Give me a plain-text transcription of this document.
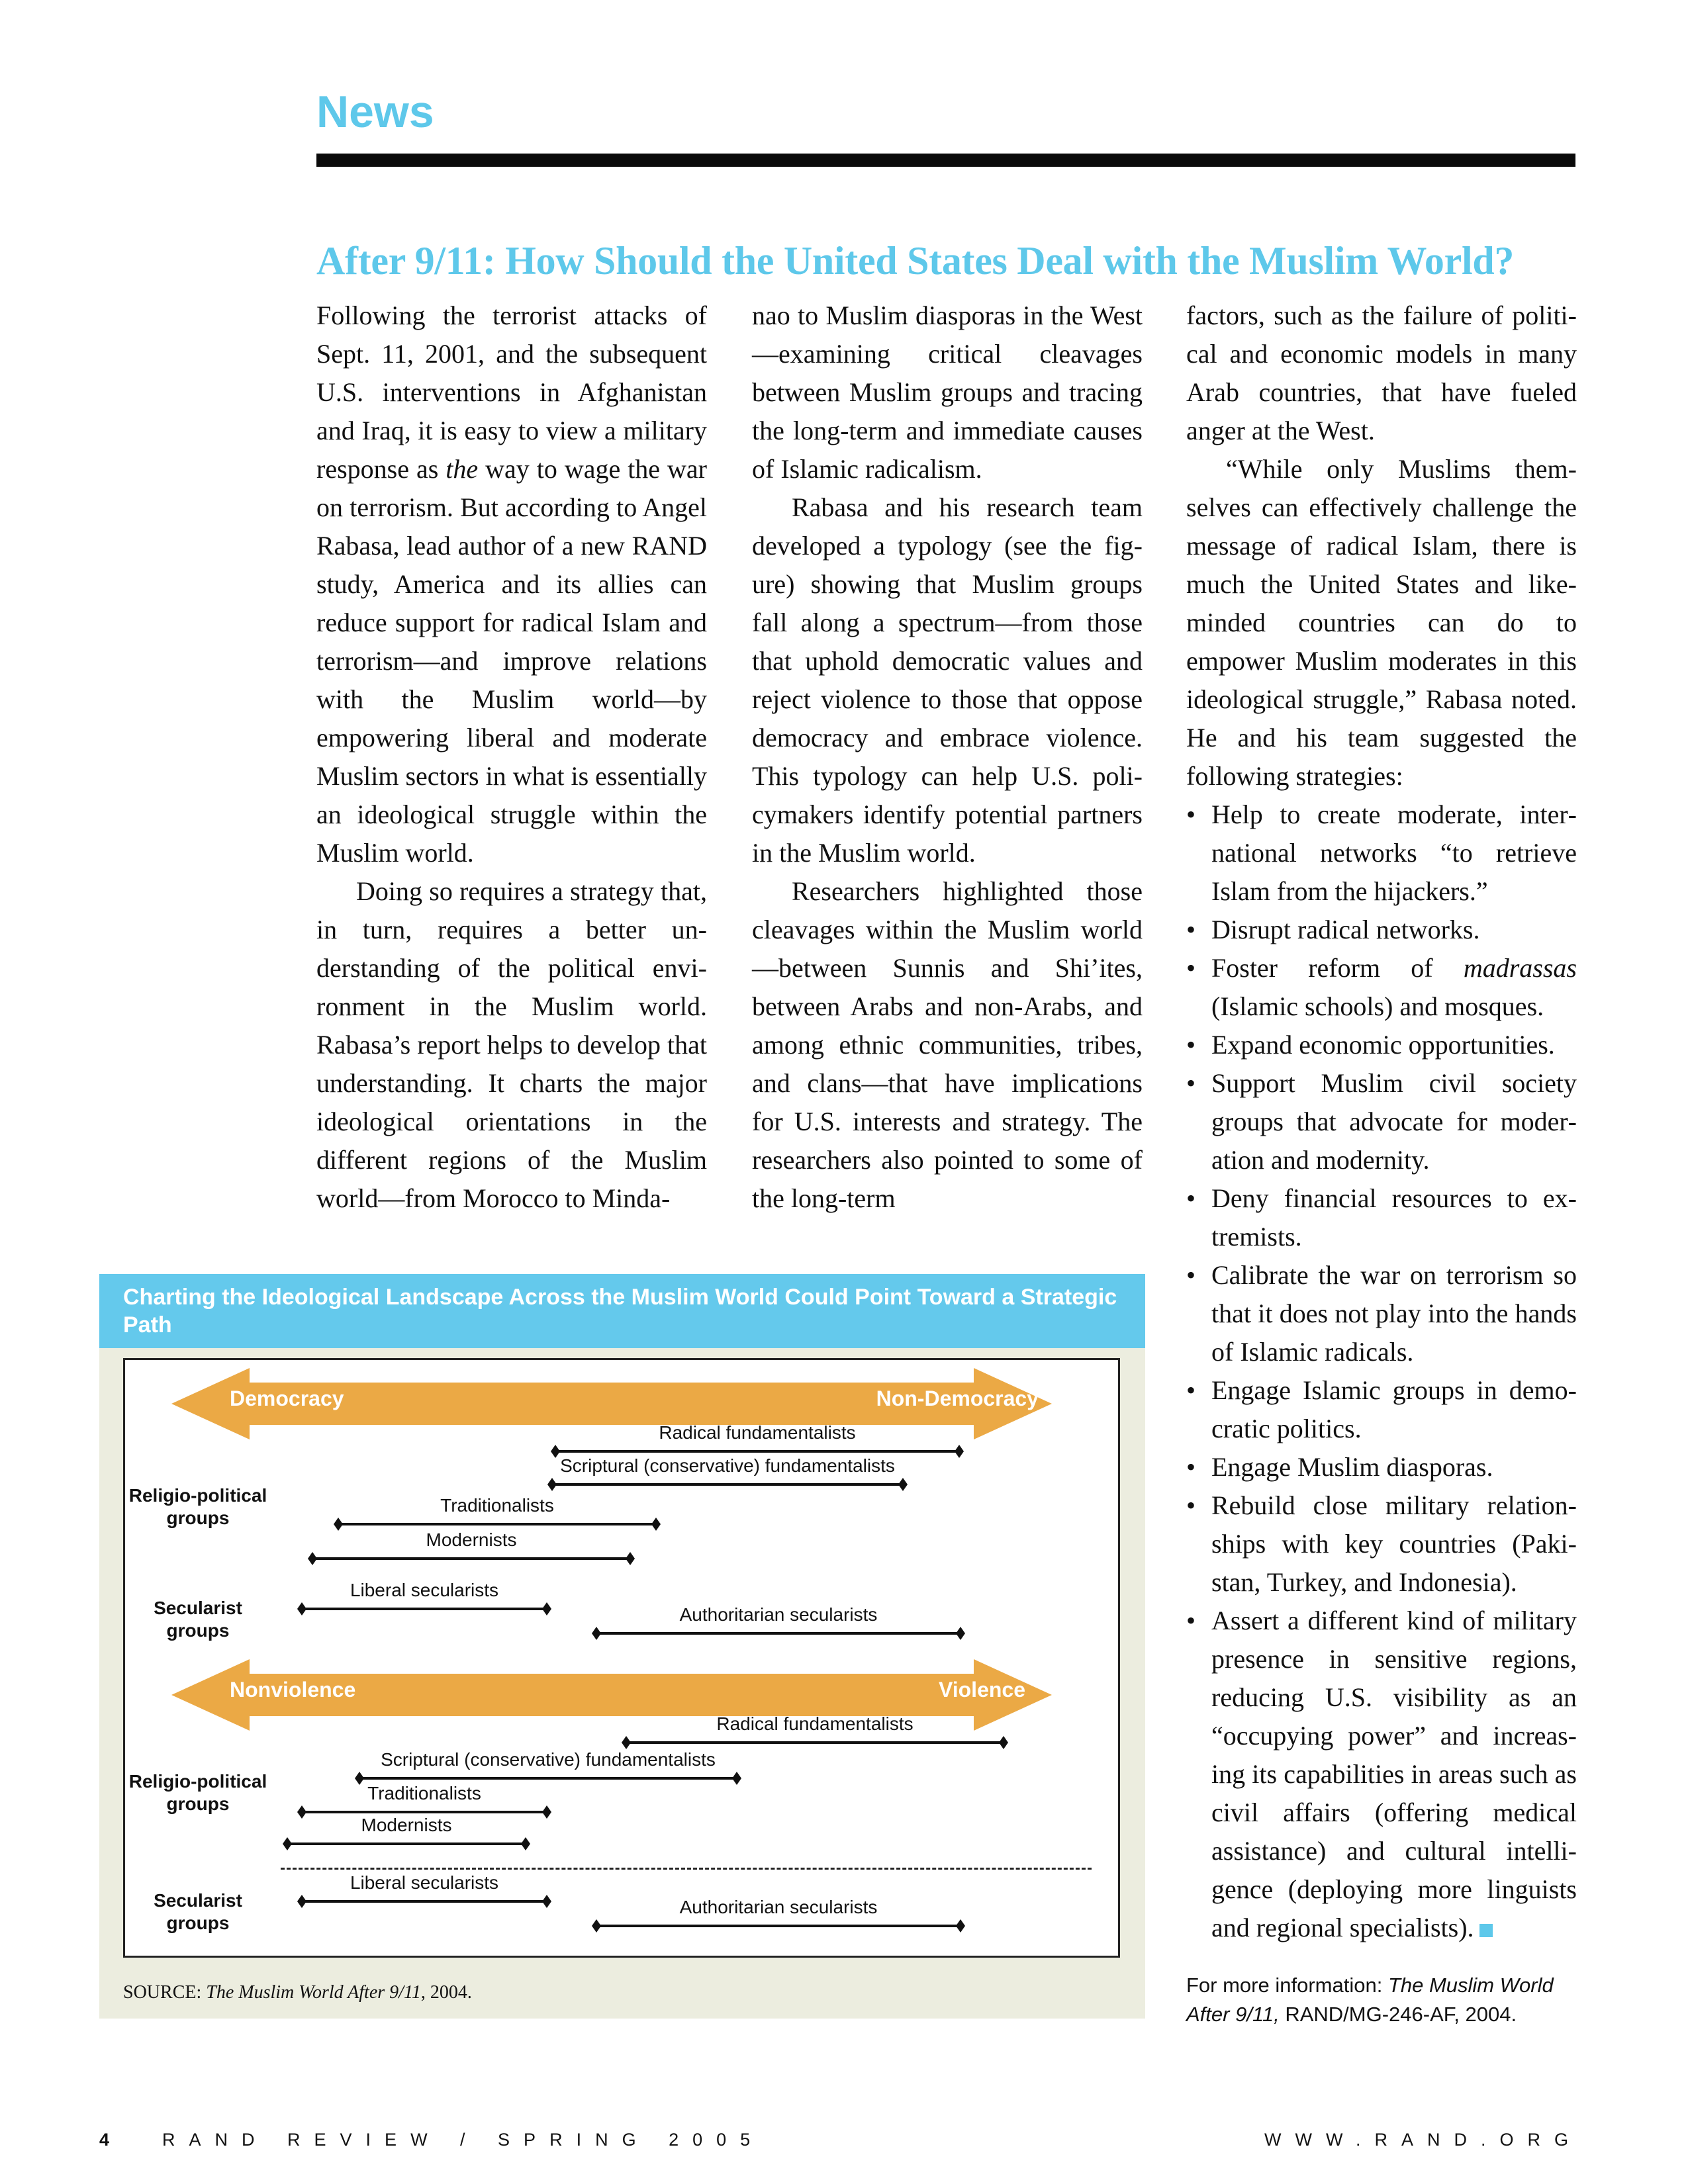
News
After 9/11: How Should the United States Deal with the Muslim World?

Following the terrorist attacks of Sept. 11, 2001, and the subsequent U.S. interventions in Afghanistan and Iraq, it is easy to view a military response as the way to wage the war on terrorism. But according to Angel Rabasa, lead author of a new RAND study, America and its allies can reduce support for radical Islam and terrorism—and improve relations with the Muslim world—by empowering liberal and moderate Muslim sectors in what is essentially an ideological struggle within the Muslim world.

Doing so requires a strategy that, in turn, requires a better understanding of the political environment in the Muslim world. Rabasa’s report helps to develop that understanding. It charts the major ideological orientations in the different regions of the Muslim world—from Morocco to Minda-

nao to Muslim diasporas in the West—examining critical cleavages between Muslim groups and tracing the long-term and immediate causes of Islamic radicalism.

Rabasa and his research team developed a typology (see the figure) showing that Muslim groups fall along a spectrum—from those that uphold democratic values and reject violence to those that oppose democracy and embrace violence. This typology can help U.S. policymakers identify potential partners in the Muslim world.

Researchers highlighted those cleavages within the Muslim world—between Sunnis and Shi’ites, between Arabs and non-Arabs, and among ethnic communities, tribes, and clans—that have implications for U.S. interests and strategy. The researchers also pointed to some of the long-term

factors, such as the failure of political and economic models in many Arab countries, that have fueled anger at the West.

“While only Muslims themselves can effectively challenge the message of radical Islam, there is much the United States and like-minded countries can do to empower Muslim moderates in this ideological struggle,” Rabasa noted. He and his team suggested the following strategies:

• Help to create moderate, international networks “to retrieve Islam from the hijackers.”
• Disrupt radical networks.
• Foster reform of madrassas (Islamic schools) and mosques.
• Expand economic opportunities.
• Support Muslim civil society groups that advocate for moderation and modernity.
• Deny financial resources to extremists.
• Calibrate the war on terrorism so that it does not play into the hands of Islamic radicals.
• Engage Islamic groups in democratic politics.
• Engage Muslim diasporas.
• Rebuild close military relationships with key countries (Pakistan, Turkey, and Indonesia).
• Assert a different kind of military presence in sensitive regions, reducing U.S. visibility as an “occupying power” and increasing its capabilities in areas such as civil affairs (offering medical assistance) and cultural intelligence (deploying more linguists and regional specialists).
For more information: The Muslim World After 9/11, RAND/MG-246-AF, 2004.
Charting the Ideological Landscape Across the Muslim World Could Point Toward a Strategic Path
Democracy	Non-Democracy
Religio-political groups
Secularist groups
Radical fundamentalists
Scriptural (conservative) fundamentalists
Traditionalists
Modernists
Liberal secularists
Authoritarian secularists
Nonviolence	Violence
Religio-political groups
Secularist groups
Radical fundamentalists
Scriptural (conservative) fundamentalists
Traditionalists
Modernists
Liberal secularists
Authoritarian secularists
SOURCE: The Muslim World After 9/11, 2004.
4	RAND REVIEW / SPRING 2005	WWW.RAND.ORG
